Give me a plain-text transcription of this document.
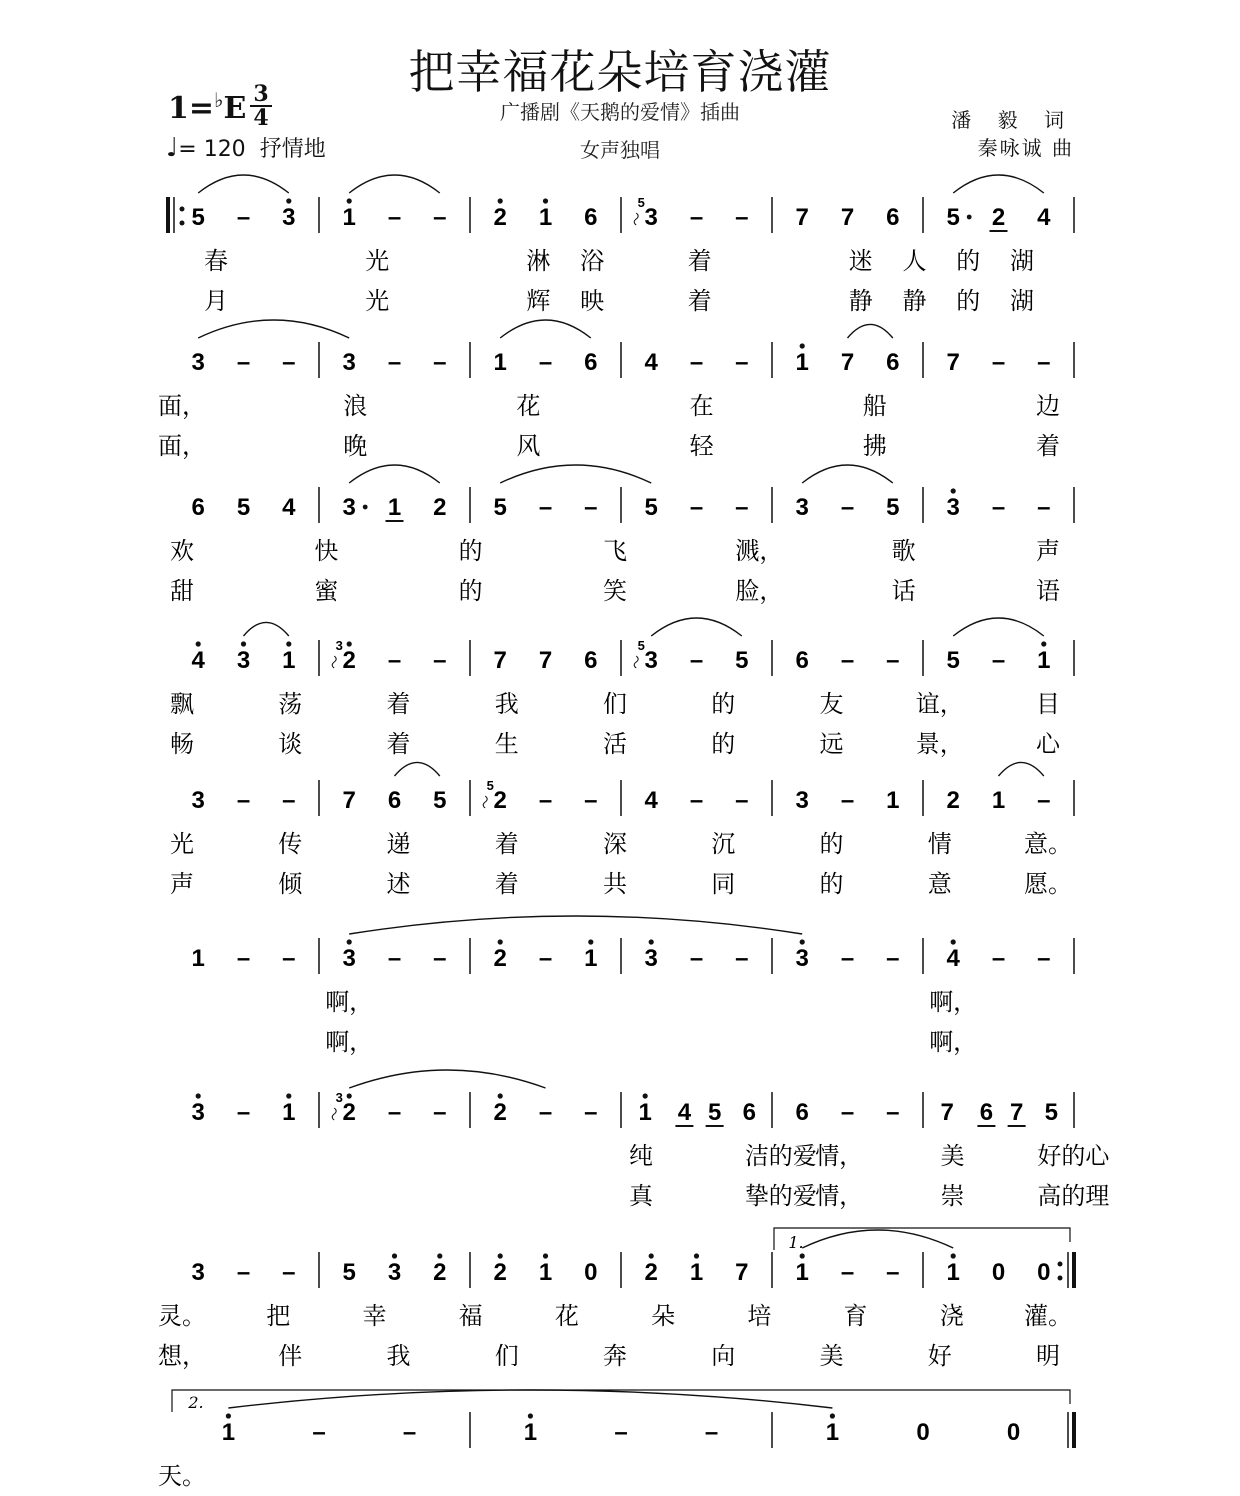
把幸福花朵培育浇灌
1=♭E 3
4
♩= 120 抒情地
广播剧《天鹅的爱情》插曲
女声独唱
潘 毅 词
秦咏诚 曲
5 – 3 1 – – 2 1 6 3
5
– – 7 7 6 5 2 4
春	光	淋 浴	着	迷 人 的 湖
月	光	辉 映	着	静 静 的 湖
3 – – 3 – – 1 – 6 4 – – 1 7 6 7 – –
面，	浪	花	在	船	边
面，	晚	风	轻	拂	着
6 5 4 3 1 2 5 – – 5 – – 3 – 5 3 – –
欢	快	的	飞	溅，	歌	声
甜	蜜	的	笑	脸，	话	语
4 3 1 2
3
– – 7 7 6 3
5
– 5 6 – – 5 – 1
飘	荡	着	我	们	的	友	谊，	目
畅	谈	着	生	活	的	远	景，	心
3 – – 7 6 5 2
5
– – 4 – – 3 – 1 2 1 –
光	传	递	着	深	沉	的	情	意。
声	倾	述	着	共	同	的	意	愿。
1 – – 3 – – 2 – 1 3 – – 3 – – 4 – –
啊，	啊，
啊，	啊，
3 – 1 2
3
– – 2 – – 1 4 5 6 6 – – 7 6 7 5
纯	洁的爱
情，	美	好的心
真	挚的爱
情，	崇	高的理
3 – – 5 3 2 2 1 0 2 1 7 1 – – 1 0 0
灵。	把	幸	福	花	朵	培	育	浇	灌。
想，	伴	我	们	奔	向	美	好	明
1.
1	–	–	1	–	–	1	0	0
天。
2.
